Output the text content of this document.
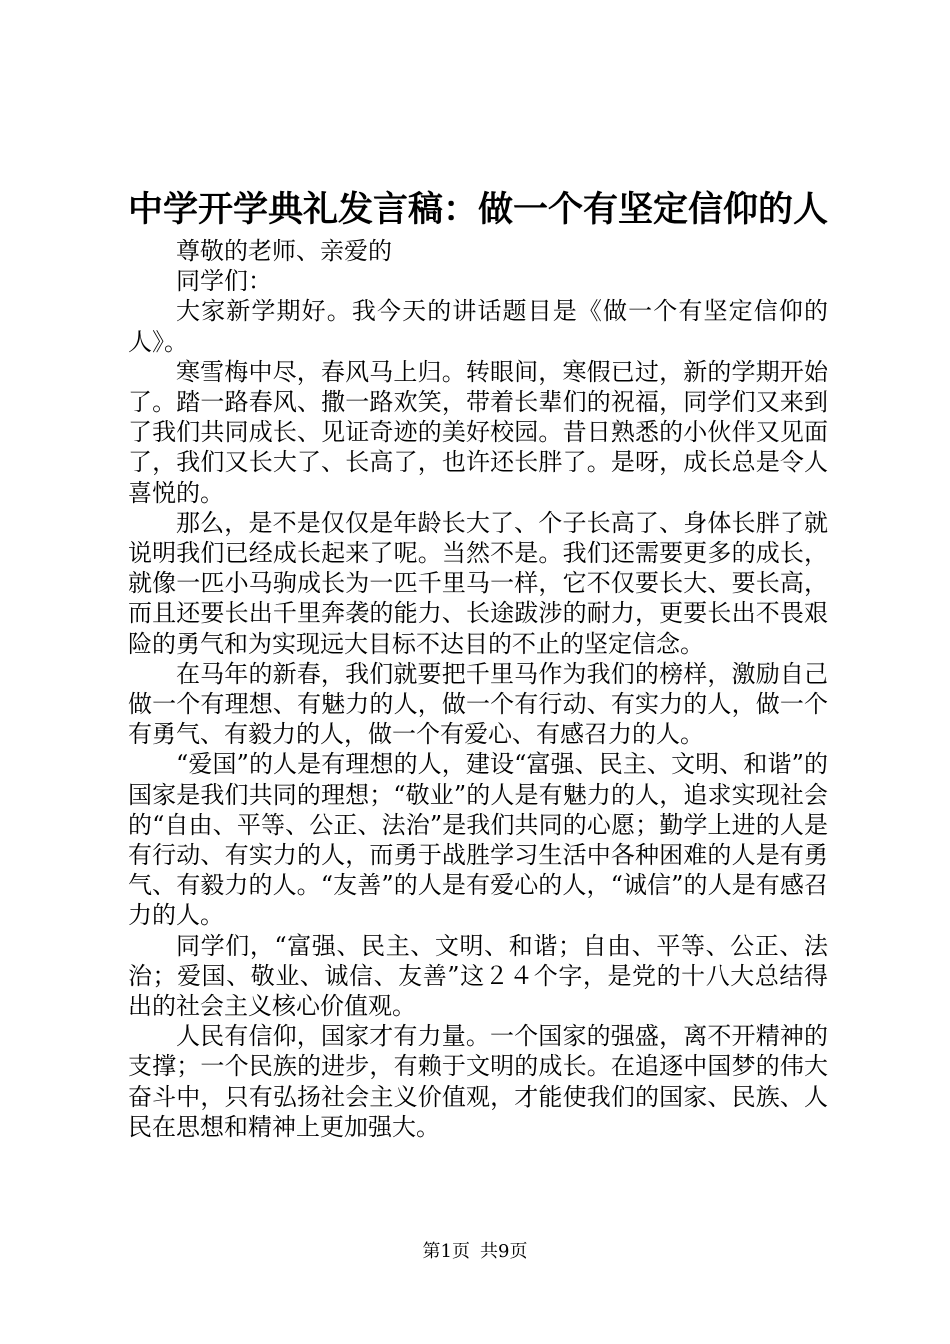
中学开学典礼发言稿：做一个有坚定信仰的人

尊敬的老师、亲爱的

同学们：

大家新学期好。我今天的讲话题目是《做一个有坚定信仰的人》。

寒雪梅中尽，春风马上归。转眼间，寒假已过，新的学期开始了。踏一路春风、撒一路欢笑，带着长辈们的祝福，同学们又来到了我们共同成长、见证奇迹的美好校园。昔日熟悉的小伙伴又见面了，我们又长大了、长高了，也许还长胖了。是呀，成长总是令人喜悦的。

那么，是不是仅仅是年龄长大了、个子长高了、身体长胖了就说明我们已经成长起来了呢。当然不是。我们还需要更多的成长，就像一匹小马驹成长为一匹千里马一样，它不仅要长大、要长高，而且还要长出千里奔袭的能力、长途跋涉的耐力，更要长出不畏艰险的勇气和为实现远大目标不达目的不止的坚定信念。

在马年的新春，我们就要把千里马作为我们的榜样，激励自己做一个有理想、有魅力的人，做一个有行动、有实力的人，做一个有勇气、有毅力的人，做一个有爱心、有感召力的人。

“爱国”的人是有理想的人，建设“富强、民主、文明、和谐”的国家是我们共同的理想；“敬业”的人是有魅力的人，追求实现社会的“自由、平等、公正、法治”是我们共同的心愿；勤学上进的人是有行动、有实力的人，而勇于战胜学习生活中各种困难的人是有勇气、有毅力的人。“友善”的人是有爱心的人，“诚信”的人是有感召力的人。

同学们，“富强、民主、文明、和谐；自由、平等、公正、法治；爱国、敬业、诚信、友善”这２４个字，是党的十八大总结得出的社会主义核心价值观。

人民有信仰，国家才有力量。一个国家的强盛，离不开精神的支撑；一个民族的进步，有赖于文明的成长。在追逐中国梦的伟大奋斗中，只有弘扬社会主义价值观，才能使我们的国家、民族、人民在思想和精神上更加强大。

第1页 共9页
